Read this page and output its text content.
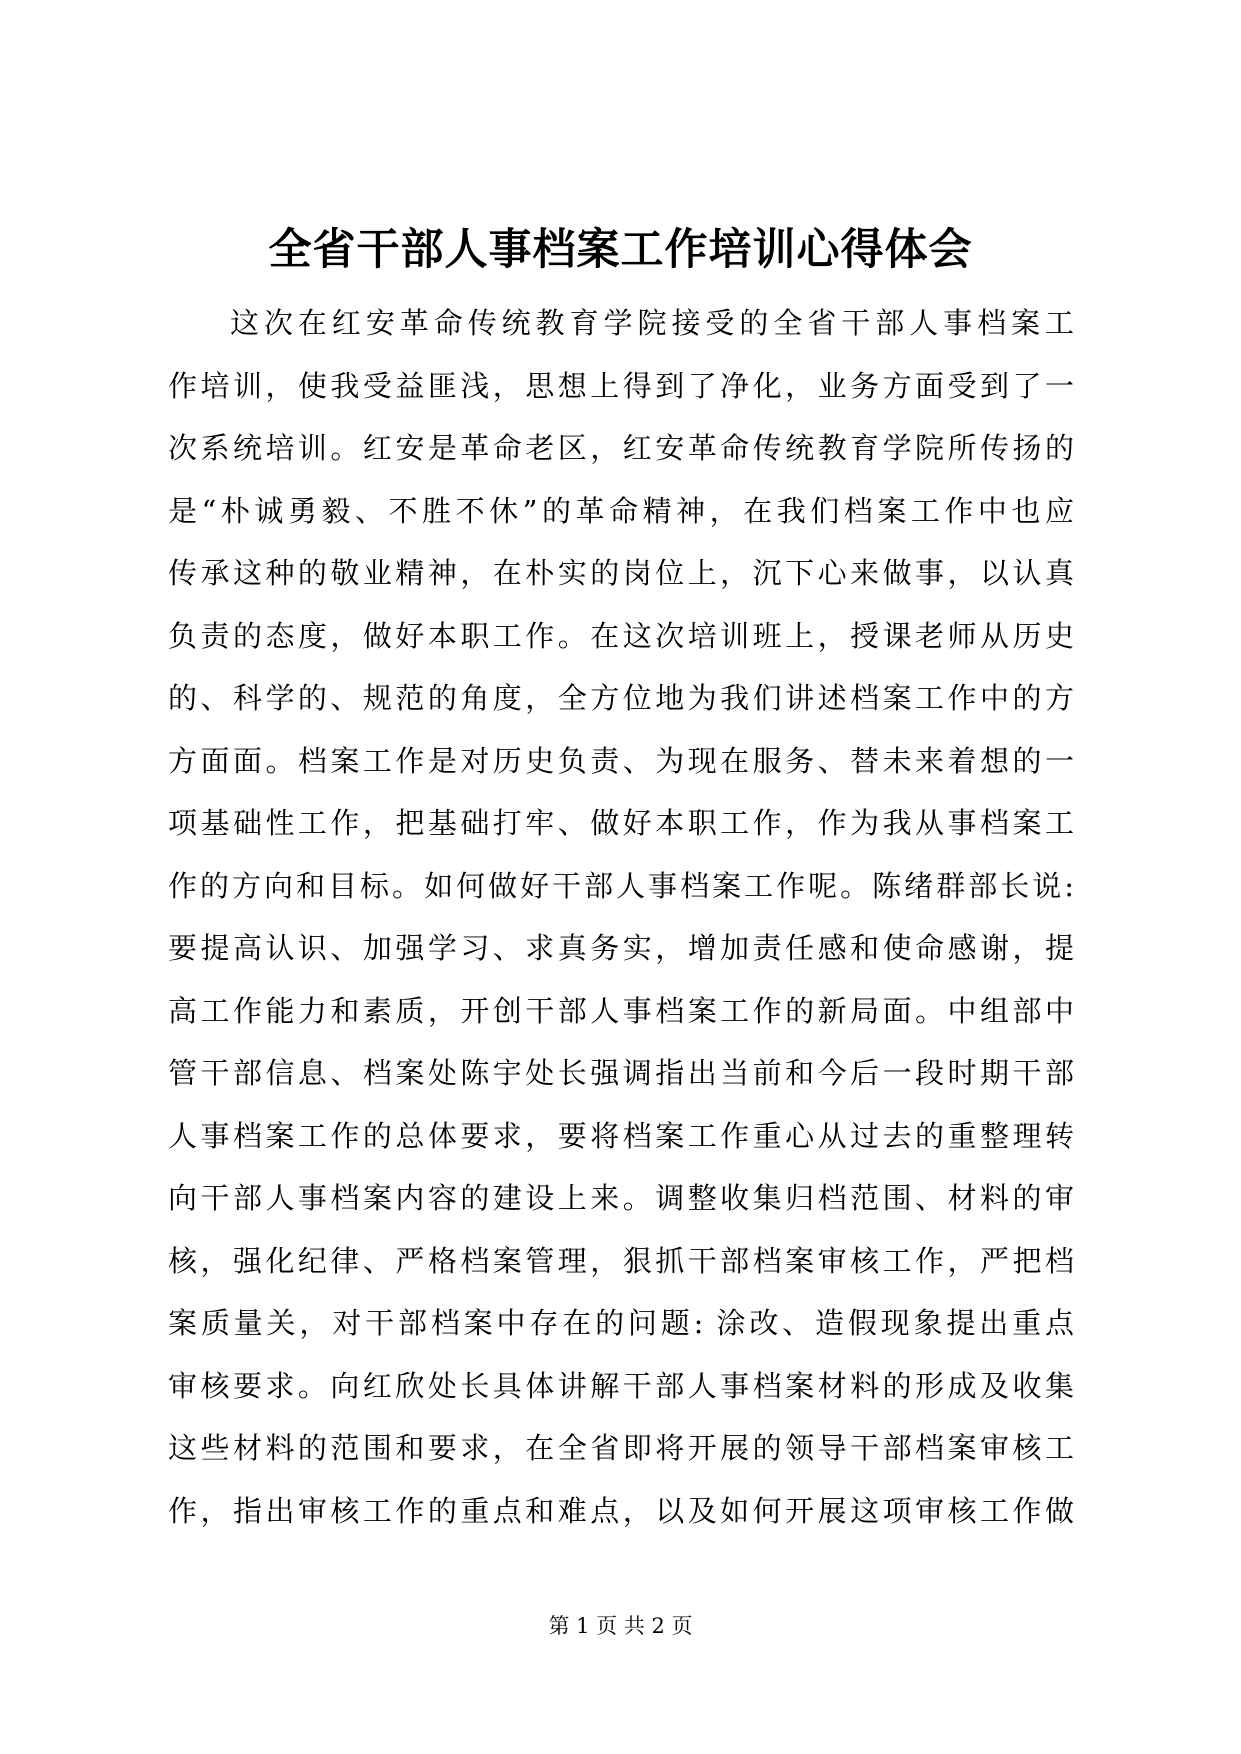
全省干部人事档案工作培训心得体会
这次在红安革命传统教育学院接受的全省干部人事档案工
作培训，使我受益匪浅，思想上得到了净化，业务方面受到了一
次系统培训。红安是革命老区，红安革命传统教育学院所传扬的
是“朴诚勇毅、不胜不休”的革命精神，在我们档案工作中也应
传承这种的敬业精神，在朴实的岗位上，沉下心来做事，以认真
负责的态度，做好本职工作。在这次培训班上，授课老师从历史
的、科学的、规范的角度，全方位地为我们讲述档案工作中的方
方面面。档案工作是对历史负责、为现在服务、替未来着想的一
项基础性工作，把基础打牢、做好本职工作，作为我从事档案工
作的方向和目标。如何做好干部人事档案工作呢。陈绪群部长说:
要提高认识、加强学习、求真务实，增加责任感和使命感谢，提
高工作能力和素质，开创干部人事档案工作的新局面。中组部中
管干部信息、档案处陈宇处长强调指出当前和今后一段时期干部
人事档案工作的总体要求，要将档案工作重心从过去的重整理转
向干部人事档案内容的建设上来。调整收集归档范围、材料的审
核，强化纪律、严格档案管理，狠抓干部档案审核工作，严把档
案质量关，对干部档案中存在的问题: 涂改、造假现象提出重点
审核要求。向红欣处长具体讲解干部人事档案材料的形成及收集
这些材料的范围和要求，在全省即将开展的领导干部档案审核工
作，指出审核工作的重点和难点，以及如何开展这项审核工作做
第 1 页 共 2 页
